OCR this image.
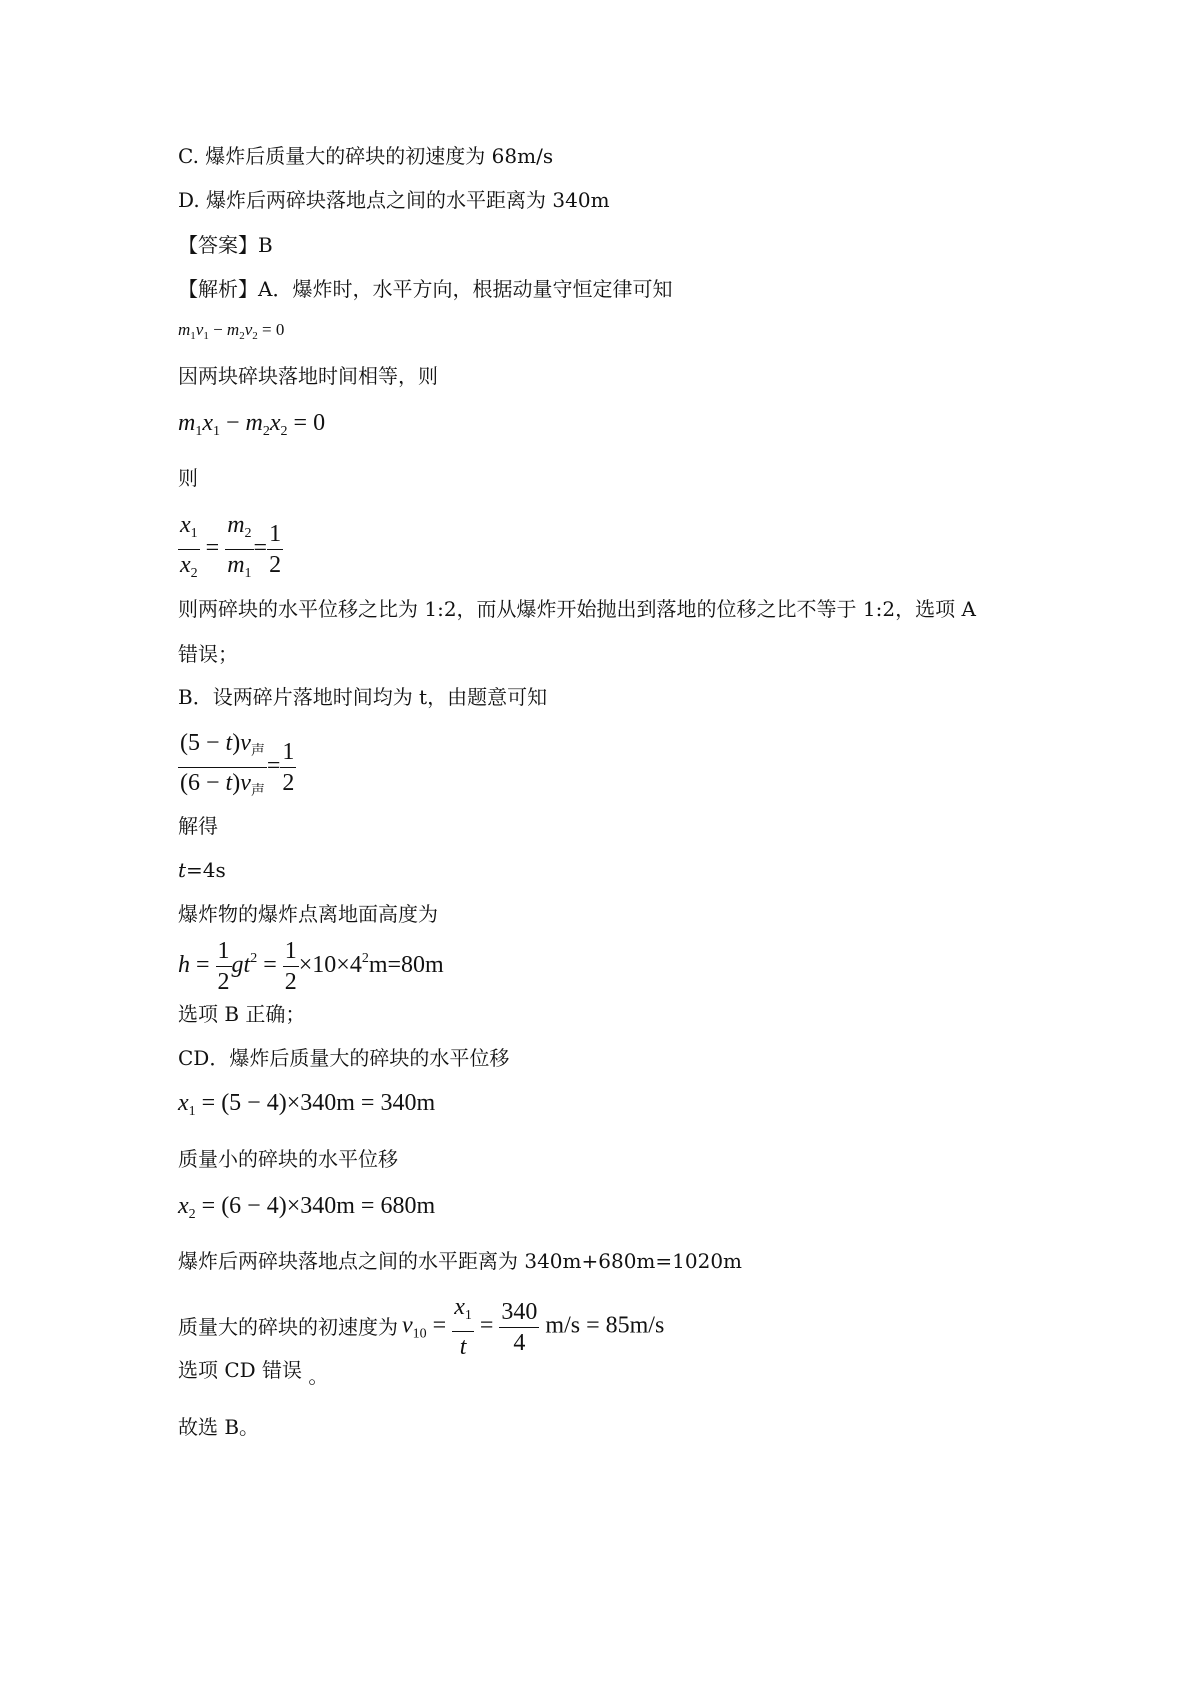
C. 爆炸后质量大的碎块的初速度为 68m/s
D. 爆炸后两碎块落地点之间的水平距离为 340m
【答案】B
【解析】A．爆炸时，水平方向，根据动量守恒定律可知
$m_1v_1 - m_2v_2 = 0$
因两块碎块落地时间相等，则
$m_1x_1 - m_2x_2 = 0$
则
$\frac{x_1}{x_2} = \frac{m_2}{m_1} = \frac{1}{2}$
则两碎块的水平位移之比为 1:2，而从爆炸开始抛出到落地的位移之比不等于 1:2，选项 A
错误；
B．设两碎片落地时间均为 t，由题意可知
$\frac{(5 - t)v_声}{(6 - t)v_声} = \frac{1}{2}$
解得
t=4s
爆炸物的爆炸点离地面高度为
$h = \frac{1}{2} gt^2 = \frac{1}{2} \times 10\times 4^2m=80m$
选项 B 正确；
CD．爆炸后质量大的碎块的水平位移
$x_1 = (5 - 4)\times 340m = 340m$
质量小的碎块的水平位移
$x_2 = (6 - 4)\times 340m = 680m$
爆炸后两碎块落地点之间的水平距离为 340m+680m=1020m
质量大的碎块的初速度为 $v_{10} = \frac{x_1}{t} = \frac{340}{4} m/s = 85m/s$
选项 CD 错误 。
故选 B。
